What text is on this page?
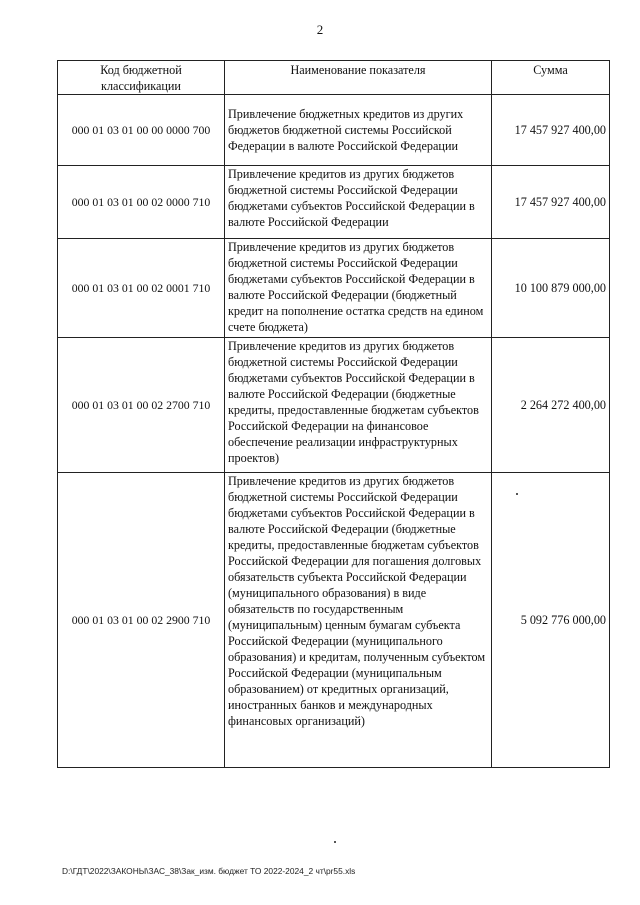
2
Код бюджетной классификации	Наименование показателя	Сумма
000 01 03 01 00 00 0000 700	Привлечение бюджетных кредитов из других бюджетов бюджетной системы Российской Федерации в валюте Российской Федерации	17 457 927 400,00
000 01 03 01 00 02 0000 710	Привлечение кредитов из других бюджетов бюджетной системы Российской Федерации бюджетами субъектов Российской Федерации в валюте Российской Федерации	17 457 927 400,00
000 01 03 01 00 02 0001 710	Привлечение кредитов из других бюджетов бюджетной системы Российской Федерации бюджетами субъектов Российской Федерации в валюте Российской Федерации (бюджетный кредит на пополнение остатка средств на едином счете бюджета)	10 100 879 000,00
000 01 03 01 00 02 2700 710	Привлечение кредитов из других бюджетов бюджетной системы Российской Федерации бюджетами субъектов Российской Федерации в валюте Российской Федерации (бюджетные кредиты, предоставленные бюджетам субъектов Российской Федерации на финансовое обеспечение реализации инфраструктурных проектов)	2 264 272 400,00
000 01 03 01 00 02 2900 710	Привлечение кредитов из других бюджетов бюджетной системы Российской Федерации бюджетами субъектов Российской Федерации в валюте Российской Федерации (бюджетные кредиты, предоставленные бюджетам субъектов Российской Федерации для погашения долговых обязательств субъекта Российской Федерации (муниципального образования) в виде обязательств по государственным (муниципальным) ценным бумагам субъекта Российской Федерации (муниципального образования) и кредитам, полученным субъектом Российской Федерации (муниципальным образованием) от кредитных организаций, иностранных банков и международных финансовых организаций)	5 092 776 000,00
D:\ГДТ\2022\ЗАКОНЫ\ЗАС_38\Зак_изм. бюджет ТО 2022-2024_2 чт\pr55.xls
